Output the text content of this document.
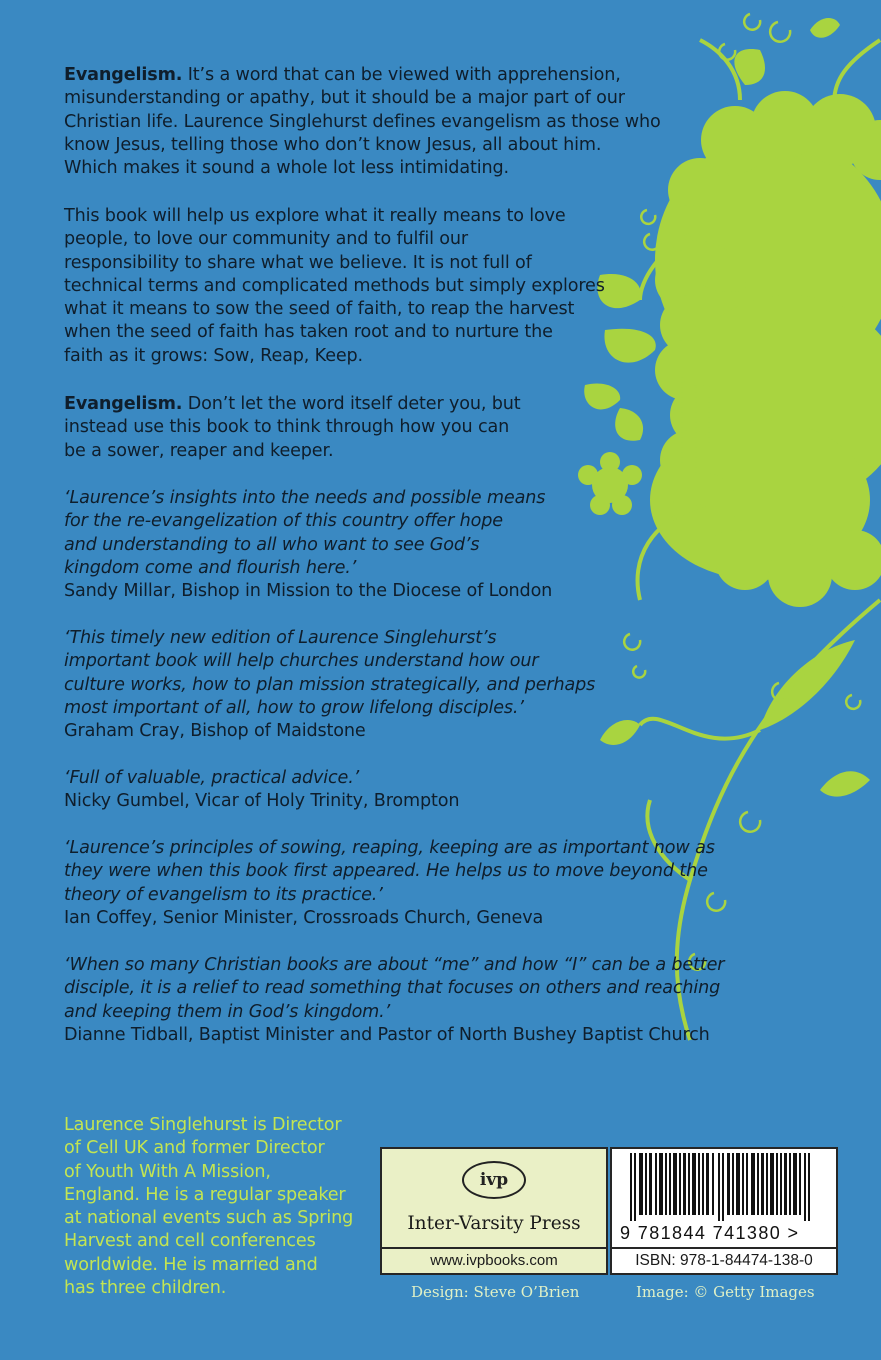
Evangelism. It’s a word that can be viewed with apprehension,
misunderstanding or apathy, but it should be a major part of our
Christian life. Laurence Singlehurst defines evangelism as those who
know Jesus, telling those who don’t know Jesus, all about him.
Which makes it sound a whole lot less intimidating.

This book will help us explore what it really means to love
people, to love our community and to fulfil our
responsibility to share what we believe. It is not full of
technical terms and complicated methods but simply explores
what it means to sow the seed of faith, to reap the harvest
when the seed of faith has taken root and to nurture the
faith as it grows: Sow, Reap, Keep.

Evangelism. Don’t let the word itself deter you, but
instead use this book to think through how you can
be a sower, reaper and keeper.

‘Laurence’s insights into the needs and possible means
for the re-evangelization of this country offer hope
and understanding to all who want to see God’s
kingdom come and flourish here.’

Sandy Millar, Bishop in Mission to the Diocese of London

‘This timely new edition of Laurence Singlehurst’s
important book will help churches understand how our
culture works, how to plan mission strategically, and perhaps
most important of all, how to grow lifelong disciples.’

Graham Cray, Bishop of Maidstone

‘Full of valuable, practical advice.’

Nicky Gumbel, Vicar of Holy Trinity, Brompton

‘Laurence’s principles of sowing, reaping, keeping are as important now as
they were when this book first appeared. He helps us to move beyond the
theory of evangelism to its practice.’

Ian Coffey, Senior Minister, Crossroads Church, Geneva

‘When so many Christian books are about “me” and how “I” can be a better
disciple, it is a relief to read something that focuses on others and reaching
and keeping them in God’s kingdom.’

Dianne Tidball, Baptist Minister and Pastor of North Bushey Baptist Church

Laurence Singlehurst is Director
of Cell UK and former Director
of Youth With A Mission,
England. He is a regular speaker
at national events such as Spring
Harvest and cell conferences
worldwide. He is married and
has three children.
ivp
Inter-Varsity Press
www.ivpbooks.com
9 781844 741380 >
ISBN: 978-1-84474-138-0
Design: Steve O’Brien	Image: © Getty Images
